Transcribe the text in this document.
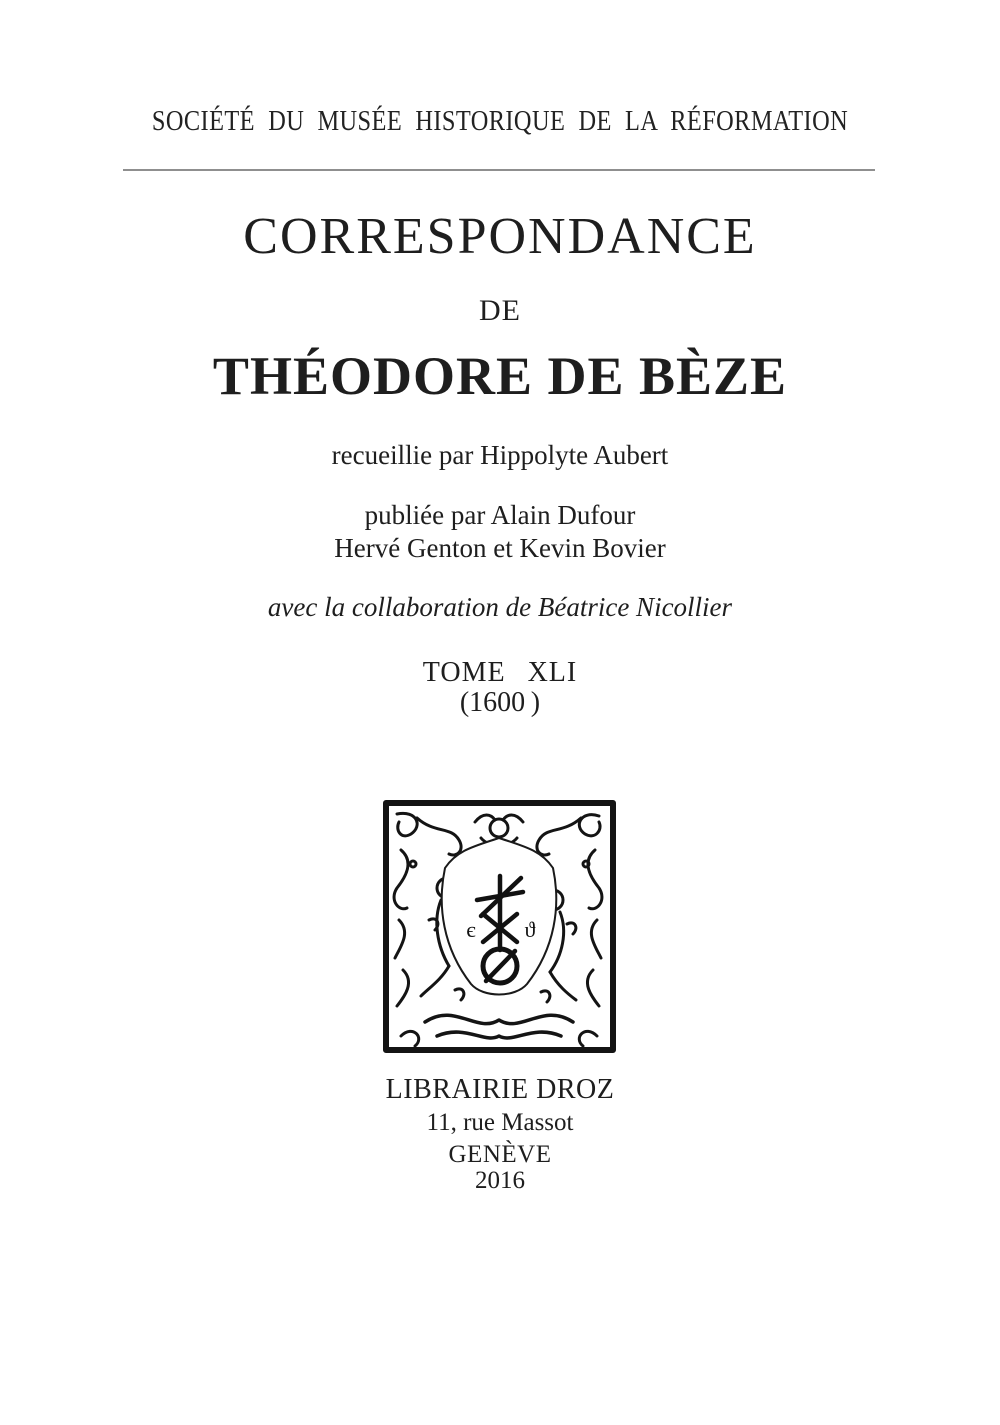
SOCIÉTÉ DU MUSÉE HISTORIQUE DE LA RÉFORMATION
CORRESPONDANCE
DE
THÉODORE DE BÈZE
recueillie par Hippolyte Aubert
publiée par Alain Dufour
Hervé Genton et Kevin Bovier
avec la collaboration de Béatrice Nicollier
TOME XLI
(1600 )
є ϑ
LIBRAIRIE DROZ
11, rue Massot
GENÈVE
2016
